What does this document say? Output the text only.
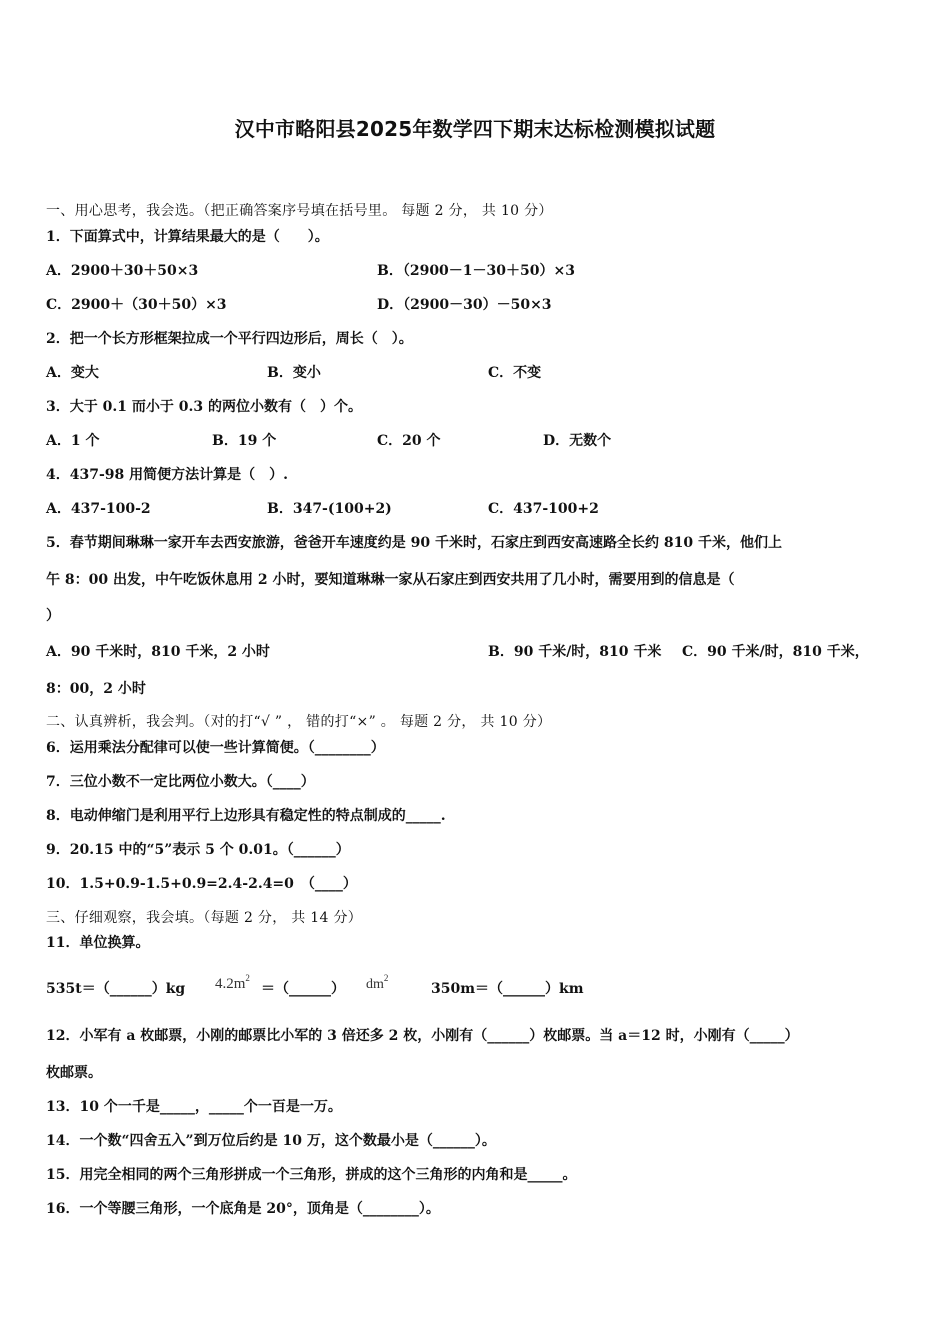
汉中市略阳县2025年数学四下期末达标检测模拟试题
一、用心思考，我会选。（把正确答案序号填在括号里。 每题 2 分， 共 10 分）
1．下面算式中，计算结果最大的是（　　）。
A．2900＋30＋50×3	B．（2900－1－30＋50）×3
C．2900＋（30＋50）×3	D．（2900－30）－50×3
2．把一个长方形框架拉成一个平行四边形后，周长（　）。
A．变大	B．变小	C．不变
3．大于 0.1 而小于 0.3 的两位小数有（　）个。
A．1 个	B．19 个	C．20 个	D．无数个
4．437-98 用简便方法计算是（　）.
A．437-100-2	B．347-(100+2)	C．437-100+2
5．春节期间琳琳一家开车去西安旅游，爸爸开车速度约是 90 千米时，石家庄到西安高速路全长约 810 千米，他们上
午 8：00 出发，中午吃饭休息用 2 小时，要知道琳琳一家从石家庄到西安共用了几小时，需要用到的信息是（
）
A．90 千米时，810 千米，2 小时	B．90 千米/时，810 千米 C．90 千米/时，810 千米，
8：00，2 小时
二、认真辨析，我会判。（对的打“√ ” ， 错的打“×” 。 每题 2 分， 共 10 分）
6．运用乘法分配律可以使一些计算简便。（________）
7．三位小数不一定比两位小数大。（____）
8．电动伸缩门是利用平行上边形具有稳定性的特点制成的_____.
9．20.15 中的“5”表示 5 个 0.01。（______）
10．1.5+0.9-1.5+0.9=2.4-2.4=0　（____）
三、仔细观察，我会填。（每题 2 分， 共 14 分）
11．单位换算。
535t＝（______）kg $4.2m^2$
＝（______） $dm^2$
350m＝（______）km
12．小军有 a 枚邮票，小刚的邮票比小军的 3 倍还多 2 枚，小刚有（______）枚邮票。当 a＝12 时，小刚有（_____）
枚邮票。
13．10 个一千是_____，_____个一百是一万。
14．一个数“四舍五入”到万位后约是 10 万，这个数最小是（______）。
15．用完全相同的两个三角形拼成一个三角形，拼成的这个三角形的内角和是_____。
16．一个等腰三角形，一个底角是 20°，顶角是（________）。
